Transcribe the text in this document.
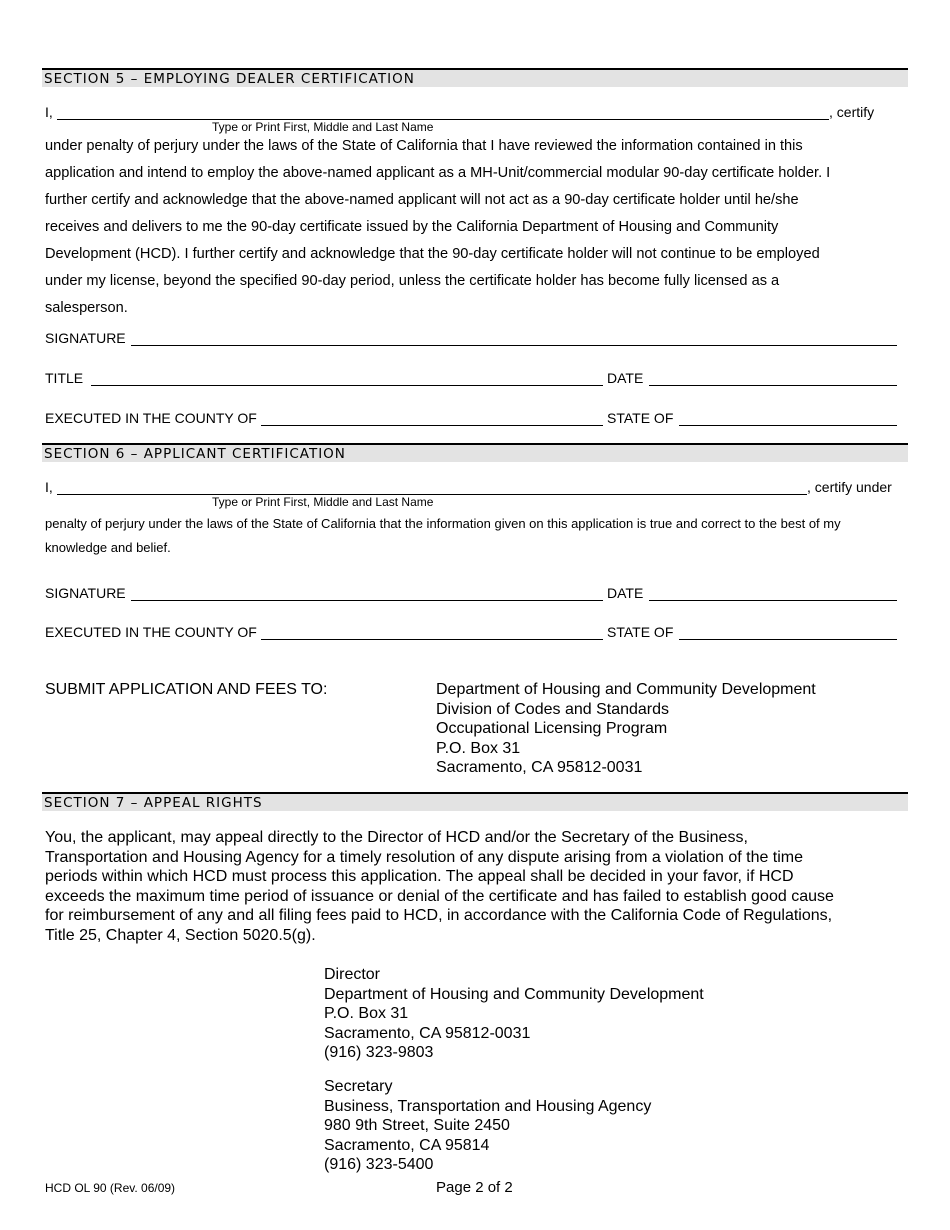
SECTION 5 – EMPLOYING DEALER CERTIFICATION
I,	, certify
Type or Print First, Middle and Last Name
under penalty of perjury under the laws of the State of California that I have reviewed the information contained in this
application and intend to employ the above-named applicant as a MH-Unit/commercial modular 90-day certificate holder. I
further certify and acknowledge that the above-named applicant will not act as a 90-day certificate holder until he/she
receives and delivers to me the 90-day certificate issued by the California Department of Housing and Community
Development (HCD). I further certify and acknowledge that the 90-day certificate holder will not continue to be employed
under my license, beyond the specified 90-day period, unless the certificate holder has become fully licensed as a
salesperson.
SIGNATURE
TITLE	DATE
EXECUTED IN THE COUNTY OF	STATE OF
SECTION 6 – APPLICANT CERTIFICATION
I,	, certify under
Type or Print First, Middle and Last Name
penalty of perjury under the laws of the State of California that the information given on this application is true and correct to the best of my
knowledge and belief.
SIGNATURE	DATE
EXECUTED IN THE COUNTY OF	STATE OF
SUBMIT APPLICATION AND FEES TO:	Department of Housing and Community Development
Division of Codes and Standards
Occupational Licensing Program
P.O. Box 31
Sacramento, CA 95812-0031
SECTION 7 – APPEAL RIGHTS
You, the applicant, may appeal directly to the Director of HCD and/or the Secretary of the Business,
Transportation and Housing Agency for a timely resolution of any dispute arising from a violation of the time
periods within which HCD must process this application. The appeal shall be decided in your favor, if HCD
exceeds the maximum time period of issuance or denial of the certificate and has failed to establish good cause
for reimbursement of any and all filing fees paid to HCD, in accordance with the California Code of Regulations,
Title 25, Chapter 4, Section 5020.5(g).
Director
Department of Housing and Community Development
P.O. Box 31
Sacramento, CA 95812-0031
(916) 323-9803
Secretary
Business, Transportation and Housing Agency
980 9th Street, Suite 2450
Sacramento, CA 95814
(916) 323-5400
HCD OL 90 (Rev. 06/09)	Page 2 of 2
